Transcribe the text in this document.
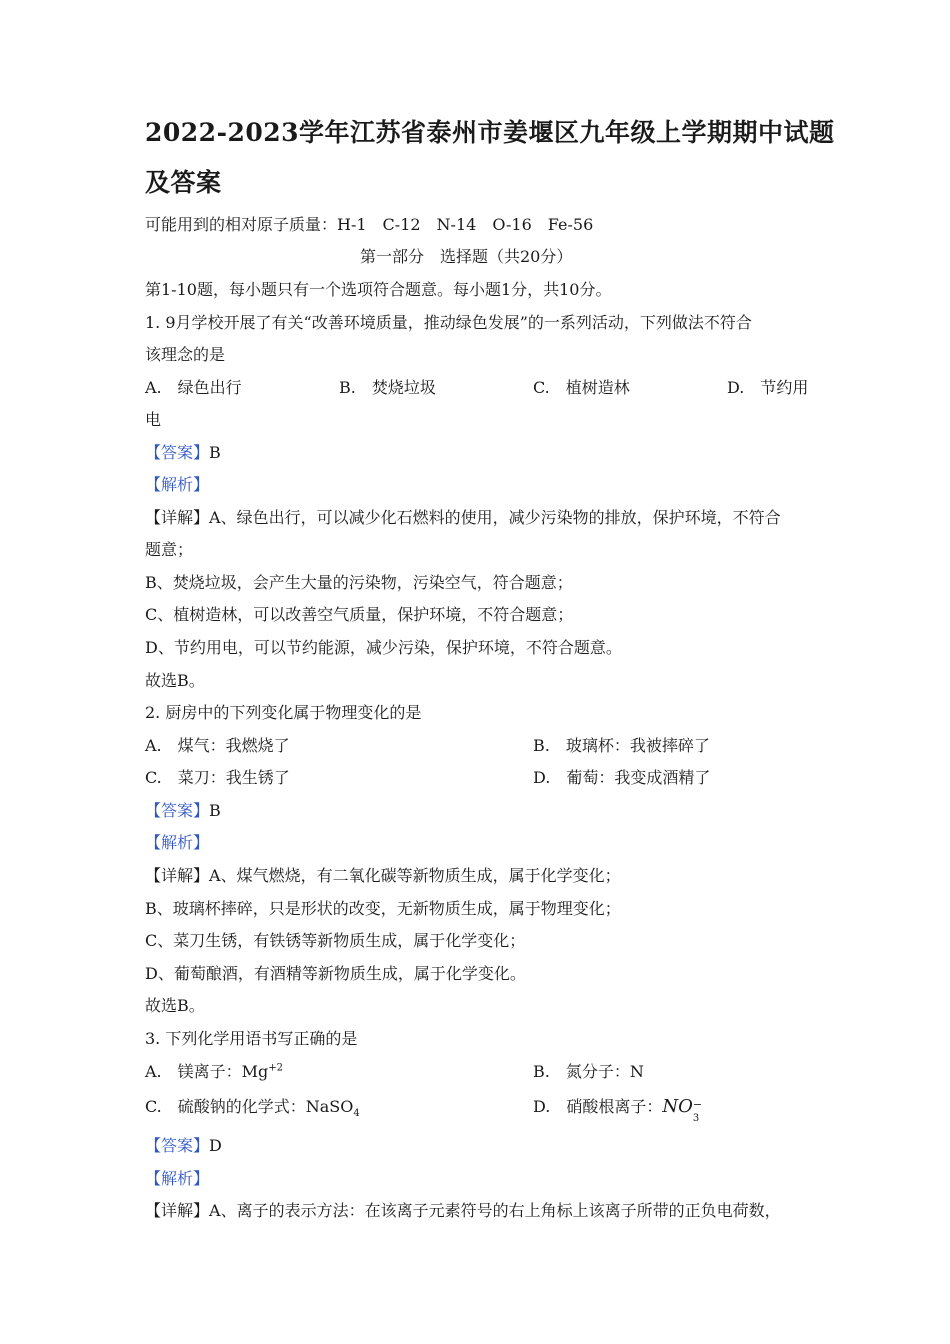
2022-2023学年江苏省泰州市姜堰区九年级上学期期中试题
及答案
可能用到的相对原子质量：H-1　C-12　N-14　O-16　Fe-56
第一部分　选择题（共20分）
第1-10题，每小题只有一个选项符合题意。每小题1分，共10分。
1. 9月学校开展了有关“改善环境质量，推动绿色发展”的一系列活动，下列做法不符合
该理念的是
A.　绿色出行	B.　焚烧垃圾	C.　植树造林	D.　节约用
电
【答案】B
【解析】
【详解】A、绿色出行，可以减少化石燃料的使用，减少污染物的排放，保护环境，不符合
题意；
B、焚烧垃圾，会产生大量的污染物，污染空气，符合题意；
C、植树造林，可以改善空气质量，保护环境，不符合题意；
D、节约用电，可以节约能源，减少污染，保护环境，不符合题意。
故选B。
2. 厨房中的下列变化属于物理变化的是
A.　煤气：我燃烧了	B.　玻璃杯：我被摔碎了
C.　菜刀：我生锈了	D.　葡萄：我变成酒精了
【答案】B
【解析】
【详解】A、煤气燃烧，有二氧化碳等新物质生成，属于化学变化；
B、玻璃杯摔碎，只是形状的改变，无新物质生成，属于物理变化；
C、菜刀生锈，有铁锈等新物质生成，属于化学变化；
D、葡萄酿酒，有酒精等新物质生成，属于化学变化。
故选B。
3. 下列化学用语书写正确的是
A.　镁离子：$Mg^{+2}$	B.　氮分子：N
C.　硫酸钠的化学式：NaSO$_4$	D.　硝酸根离子：NO −
3
【答案】D
【解析】
【详解】A、离子的表示方法：在该离子元素符号的右上角标上该离子所带的正负电荷数，
